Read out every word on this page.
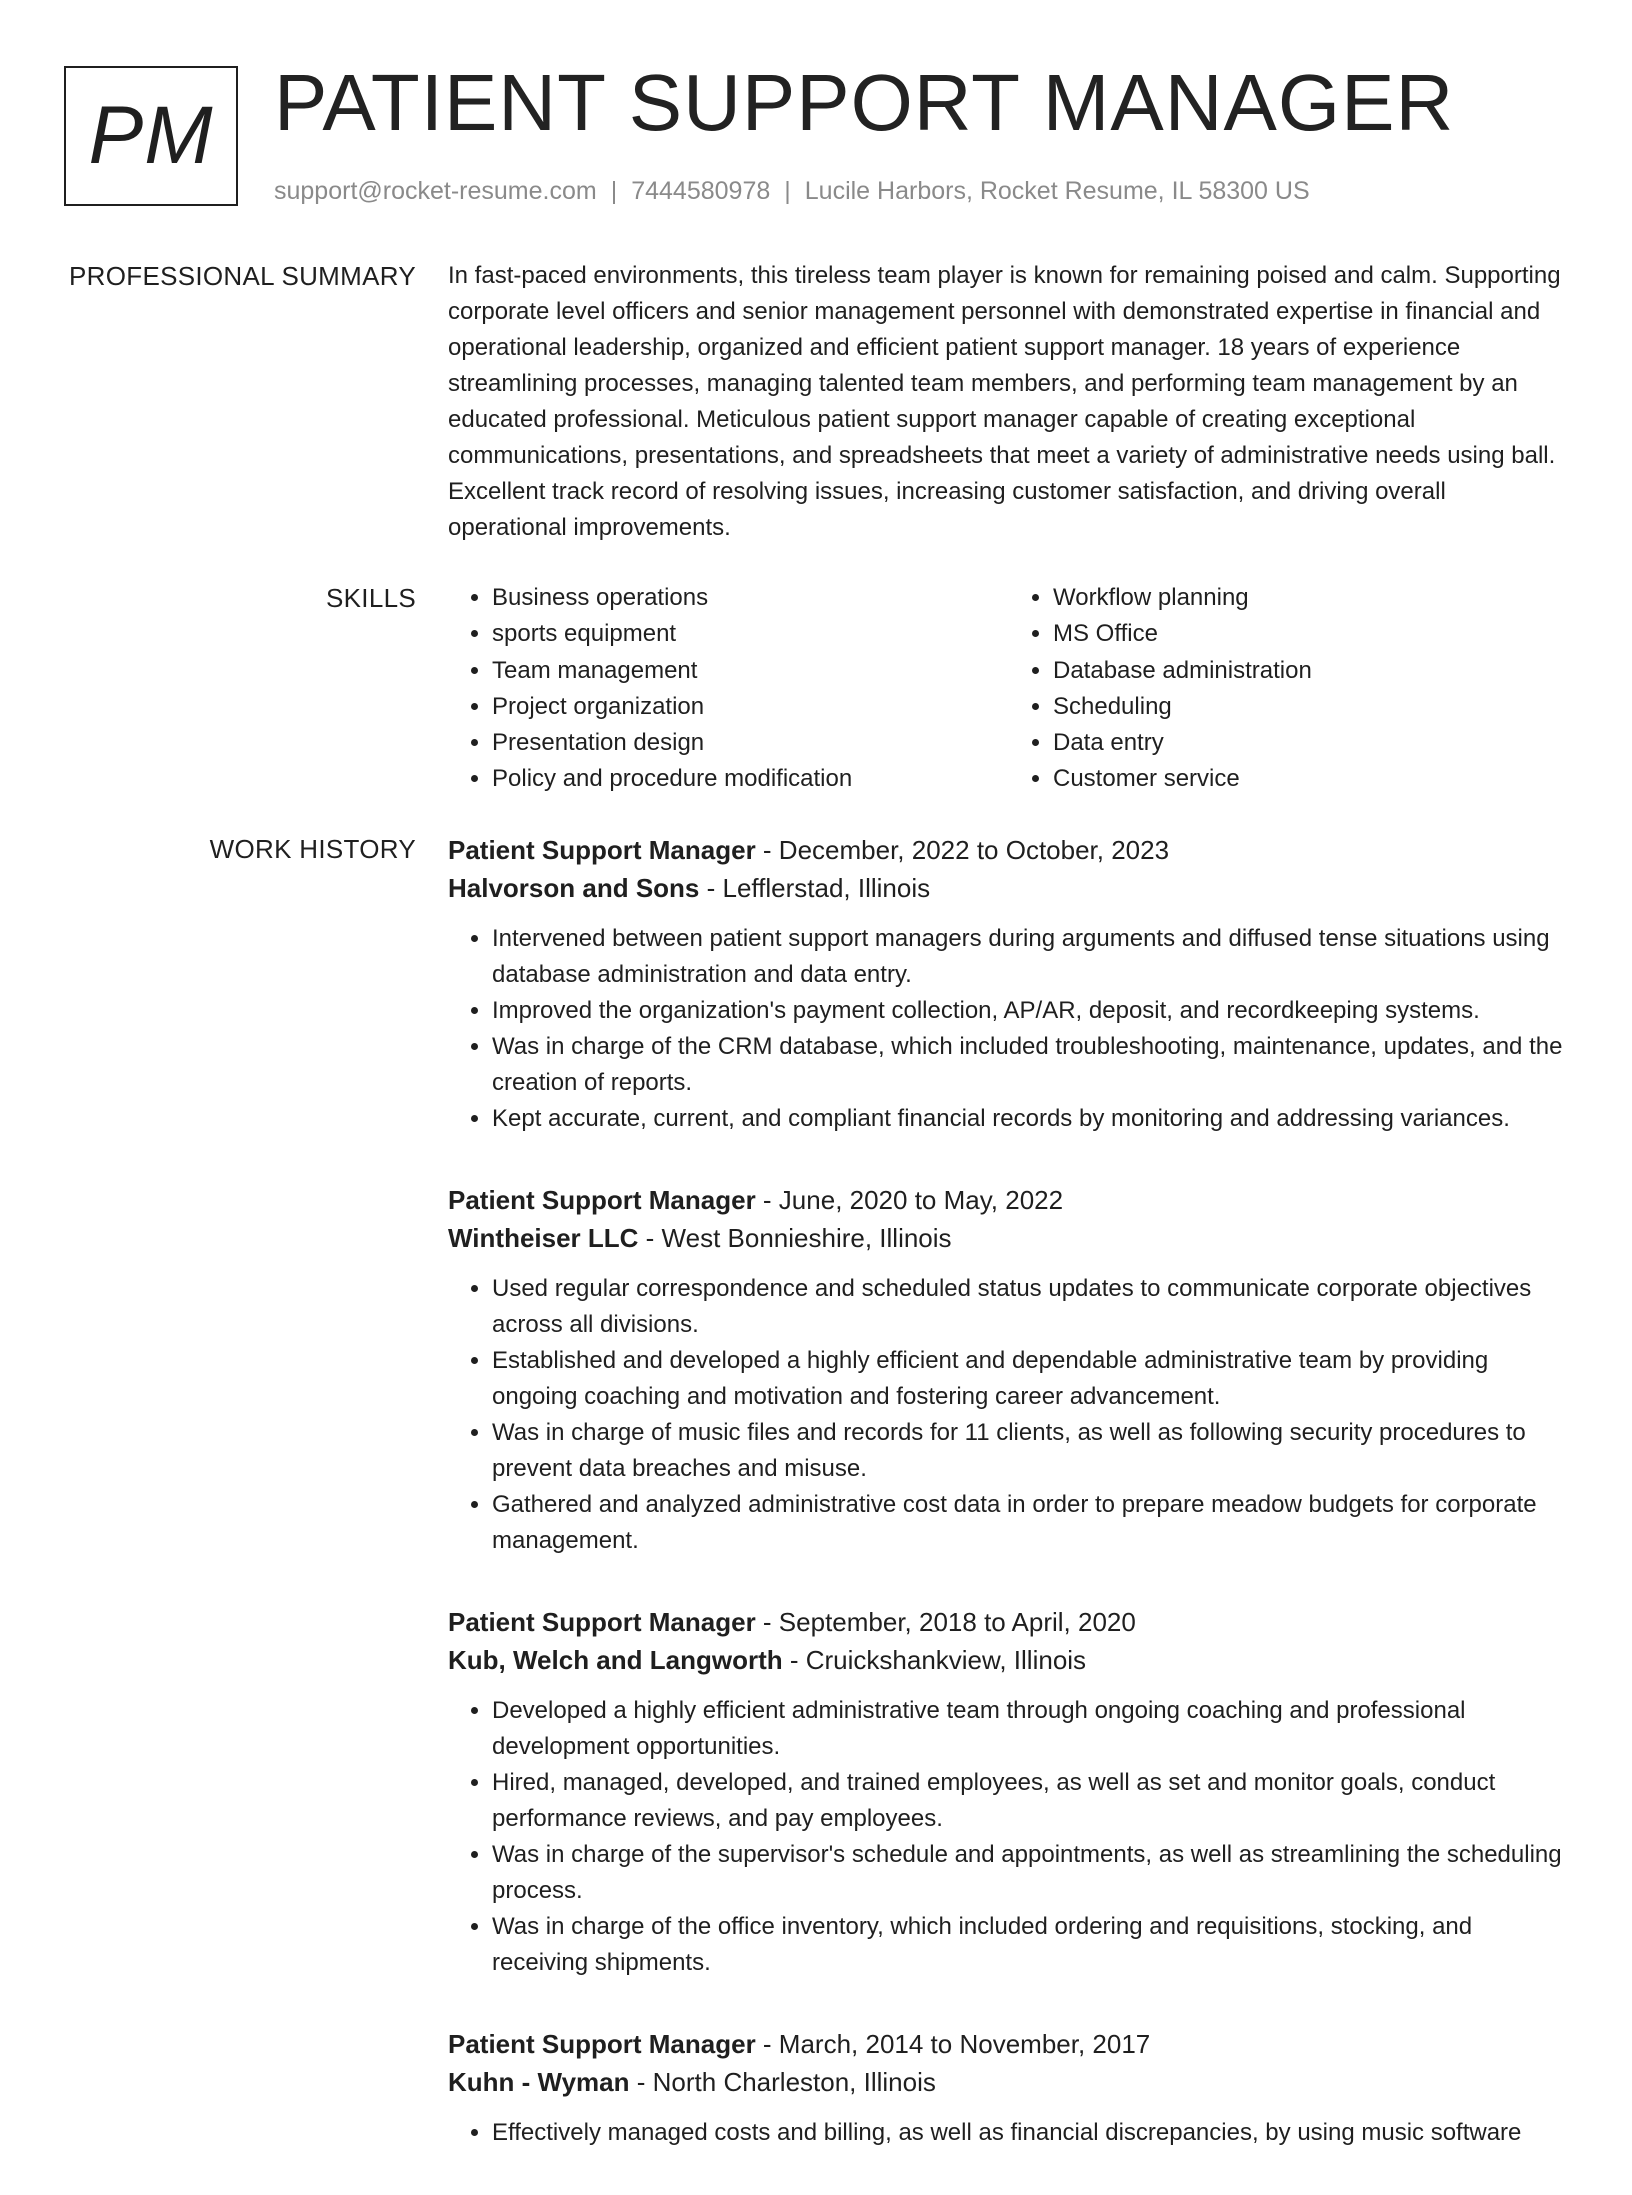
PM PATIENT SUPPORT MANAGER
support@rocket-resume.com | 7444580978 | Lucile Harbors, Rocket Resume, IL 58300 US
PROFESSIONAL SUMMARY In fast-paced environments, this tireless team player is known for remaining poised and calm. Supporting corporate level officers and senior management personnel with demonstrated expertise in financial and operational leadership, organized and efficient patient support manager. 18 years of experience streamlining processes, managing talented team members, and performing team management by an educated professional. Meticulous patient support manager capable of creating exceptional communications, presentations, and spreadsheets that meet a variety of administrative needs using ball. Excellent track record of resolving issues, increasing customer satisfaction, and driving overall operational improvements.

SKILLS
•	Business operations
• sports equipment
• Team management
• Project organization
• Presentation design
• Policy and procedure modification
• Workflow planning
• MS Office
• Database administration
• Scheduling
• Data entry
• Customer service
WORK HISTORY Patient Support Manager - December, 2022 to October, 2023
Halvorson and Sons - Lefflerstad, Illinois
• Intervened between patient support managers during arguments and diffused tense situations using database administration and data entry.
• Improved the organization's payment collection, AP/AR, deposit, and recordkeeping systems.
• Was in charge of the CRM database, which included troubleshooting, maintenance, updates, and the creation of reports.
• Kept accurate, current, and compliant financial records by monitoring and addressing variances.
Patient Support Manager - June, 2020 to May, 2022
Wintheiser LLC - West Bonnieshire, Illinois
• Used regular correspondence and scheduled status updates to communicate corporate objectives across all divisions.
• Established and developed a highly efficient and dependable administrative team by providing ongoing coaching and motivation and fostering career advancement.
• Was in charge of music files and records for 11 clients, as well as following security procedures to prevent data breaches and misuse.
• Gathered and analyzed administrative cost data in order to prepare meadow budgets for corporate management.
Patient Support Manager - September, 2018 to April, 2020
Kub, Welch and Langworth - Cruickshankview, Illinois
• Developed a highly efficient administrative team through ongoing coaching and professional development opportunities.
• Hired, managed, developed, and trained employees, as well as set and monitor goals, conduct performance reviews, and pay employees.
• Was in charge of the supervisor's schedule and appointments, as well as streamlining the scheduling process.
• Was in charge of the office inventory, which included ordering and requisitions, stocking, and receiving shipments.
Patient Support Manager - March, 2014 to November, 2017
Kuhn - Wyman - North Charleston, Illinois
• Effectively managed costs and billing, as well as financial discrepancies, by using music software
